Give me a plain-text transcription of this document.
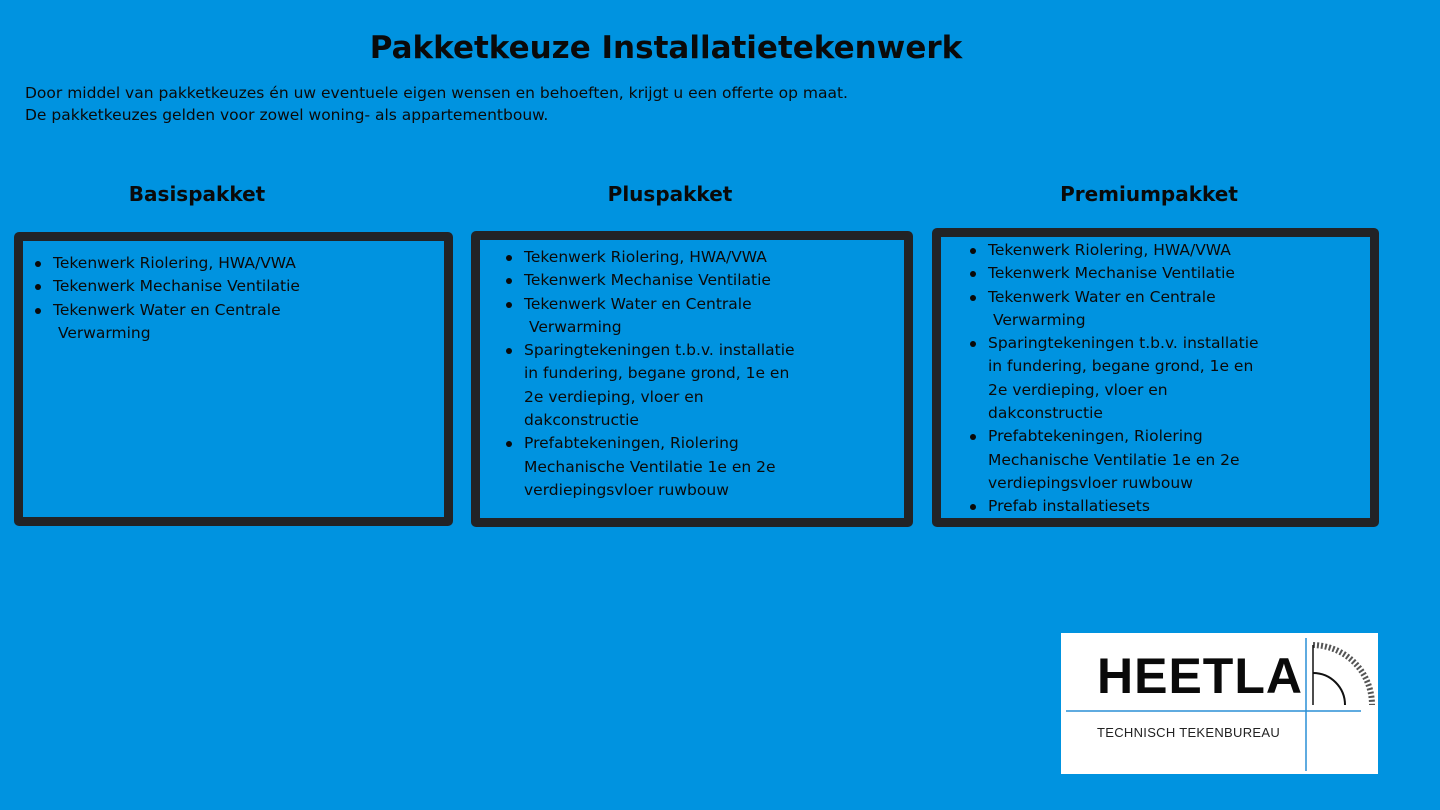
Pakketkeuze Installatietekenwerk
Door middel van pakketkeuzes én uw eventuele eigen wensen en behoeften, krijgt u een offerte op maat.
De pakketkeuzes gelden voor zowel woning- als appartementbouw.
Basispakket	Pluspakket	Premiumpakket
Tekenwerk Riolering, HWA/VWA
Tekenwerk Mechanise Ventilatie
Tekenwerk Water en Centrale
Verwarming
Tekenwerk Riolering, HWA/VWA
Tekenwerk Mechanise Ventilatie
Tekenwerk Water en Centrale
Verwarming
Sparingtekeningen t.b.v. installatie
in fundering, begane grond, 1e en
2e verdieping, vloer en
dakconstructie
Prefabtekeningen, Riolering
Mechanische Ventilatie 1e en 2e
verdiepingsvloer ruwbouw
Tekenwerk Riolering, HWA/VWA
Tekenwerk Mechanise Ventilatie
Tekenwerk Water en Centrale
Verwarming
Sparingtekeningen t.b.v. installatie
in fundering, begane grond, 1e en
2e verdieping, vloer en
dakconstructie
Prefabtekeningen, Riolering
Mechanische Ventilatie 1e en 2e
verdiepingsvloer ruwbouw
Prefab installatiesets
HEETLA
TECHNISCH TEKENBUREAU
